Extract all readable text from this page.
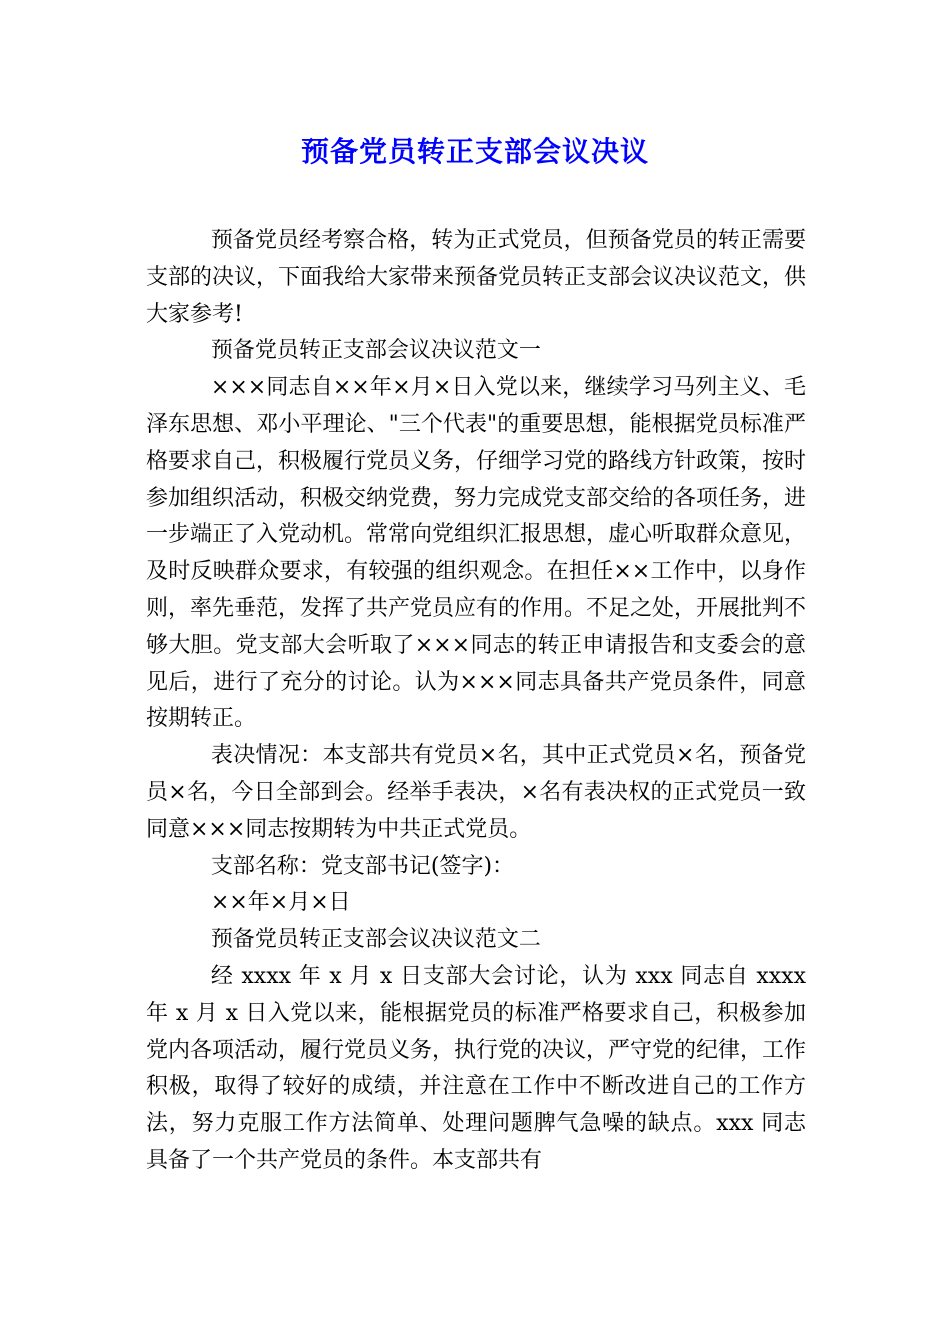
预备党员转正支部会议决议

预备党员经考察合格，转为正式党员，但预备党员的转正需要支部的决议，下面我给大家带来预备党员转正支部会议决议范文，供大家参考!

预备党员转正支部会议决议范文一

×××同志自××年×月×日入党以来，继续学习马列主义、毛泽东思想、邓小平理论、"三个代表"的重要思想，能根据党员标准严格要求自己，积极履行党员义务，仔细学习党的路线方针政策，按时参加组织活动，积极交纳党费，努力完成党支部交给的各项任务，进一步端正了入党动机。常常向党组织汇报思想，虚心听取群众意见，及时反映群众要求，有较强的组织观念。在担任××工作中，以身作则，率先垂范，发挥了共产党员应有的作用。不足之处，开展批判不够大胆。党支部大会听取了×××同志的转正申请报告和支委会的意见后，进行了充分的讨论。认为×××同志具备共产党员条件，同意按期转正。

表决情况：本支部共有党员×名，其中正式党员×名，预备党员×名，今日全部到会。经举手表决，×名有表决权的正式党员一致同意×××同志按期转为中共正式党员。

支部名称：党支部书记(签字)：

××年×月×日

预备党员转正支部会议决议范文二

经 xxxx 年 x 月 x 日支部大会讨论，认为 xxx 同志自 xxxx 年 x 月 x 日入党以来，能根据党员的标准严格要求自己，积极参加党内各项活动，履行党员义务，执行党的决议，严守党的纪律，工作积极，取得了较好的成绩，并注意在工作中不断改进自己的工作方法，努力克服工作方法简单、处理问题脾气急噪的缺点。xxx 同志具备了一个共产党员的条件。本支部共有
